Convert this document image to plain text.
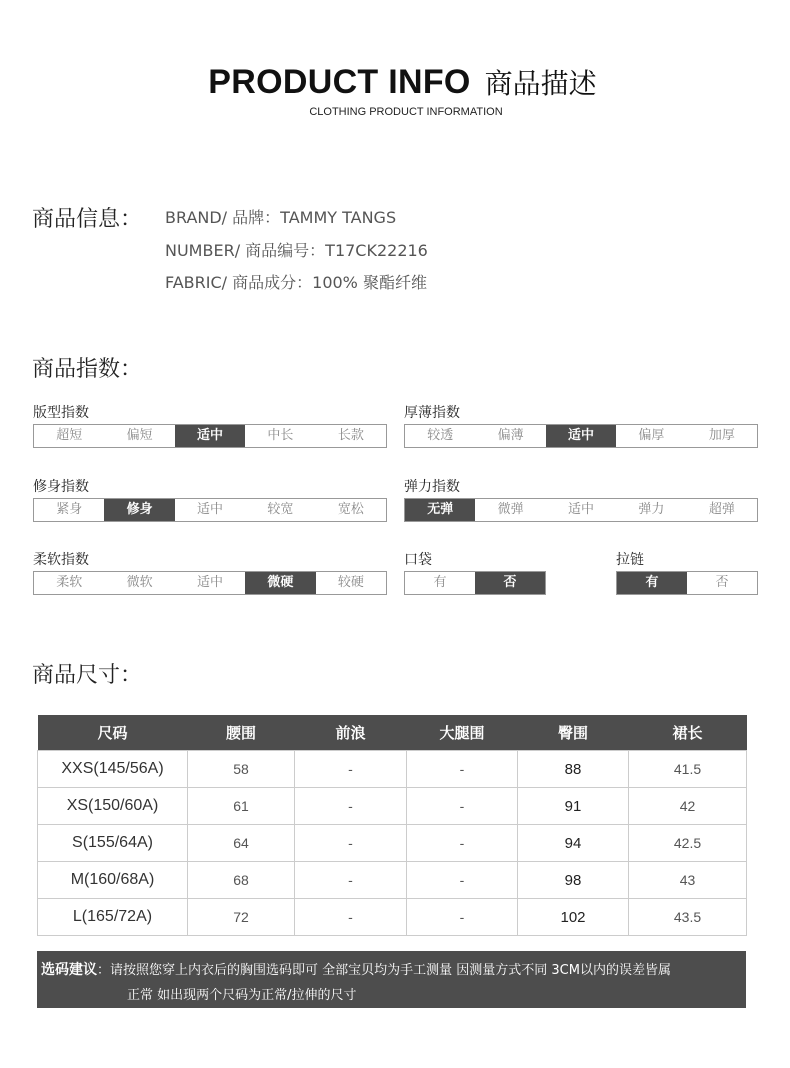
PRODUCT INFO 商品描述
CLOTHING PRODUCT INFORMATION
商品信息： BRAND/ 品牌：TAMMY TANGS
NUMBER/ 商品编号：T17CK22216
FABRIC/ 商品成分：100% 聚酯纤维
商品指数：
版型指数
超短	偏短	适中	中长	长款
厚薄指数
较透	偏薄	适中	偏厚	加厚
修身指数
紧身	修身	适中	较宽	宽松
弹力指数
无弹	微弹	适中	弹力	超弹
柔软指数
柔软	微软	适中	微硬	较硬
口袋
有	否
拉链
有	否
商品尺寸：
尺码	腰围	前浪	大腿围	臀围	裙长
XXS(145/56A)	58	-	-	88	41.5
XS(150/60A)	61	-	-	91	42
S(155/64A)	64	-	-	94	42.5
M(160/68A)	68	-	-	98	43
L(165/72A)	72	-	-	102	43.5
选码建议：请按照您穿上内衣后的胸围选码即可 全部宝贝均为手工测量 因测量方式不同 3CM以内的误差皆属
正常 如出现两个尺码为正常/拉伸的尺寸
